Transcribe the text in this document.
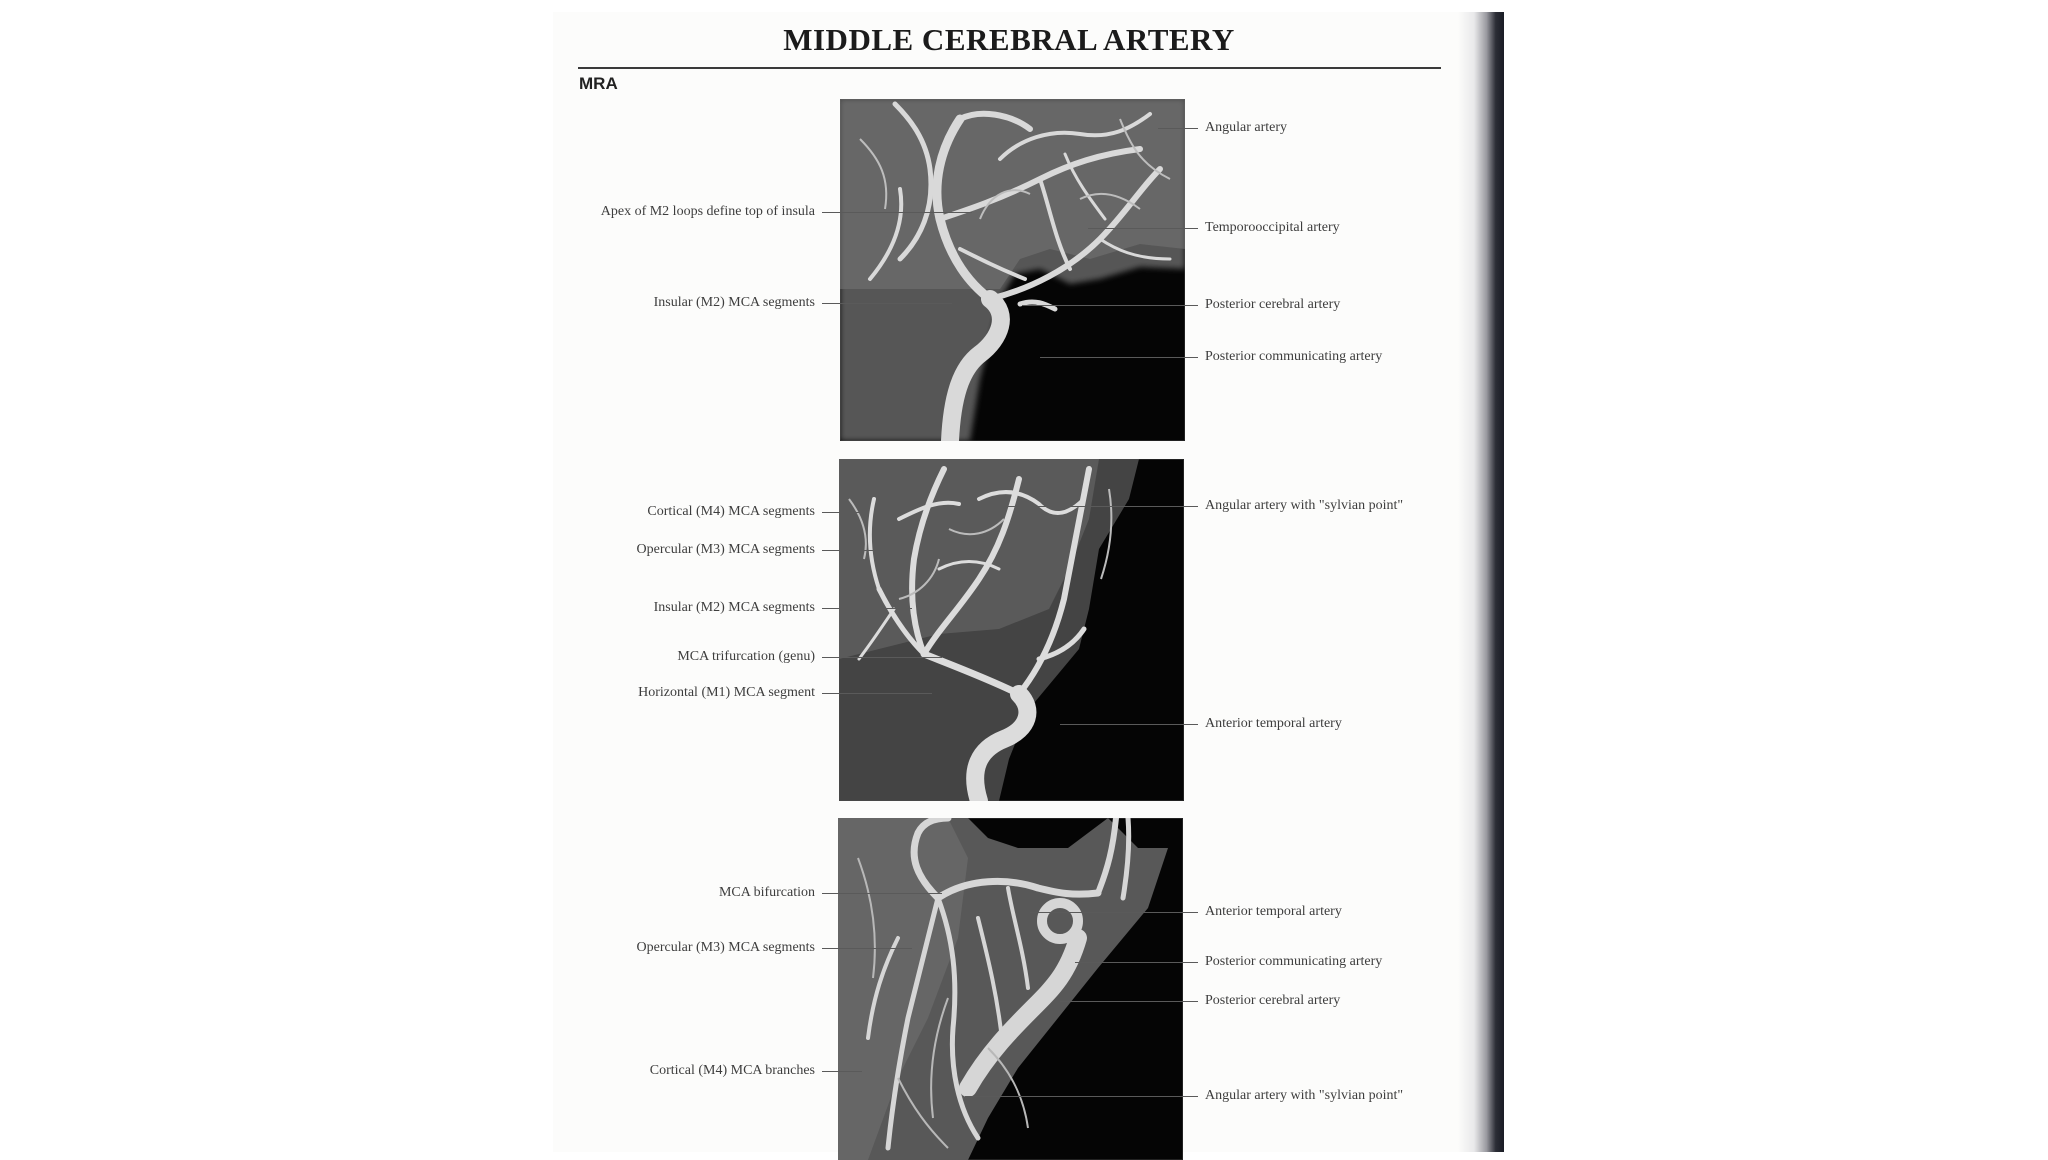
MIDDLE CEREBRAL ARTERY
MRA
Apex of M2 loops define top of insula
Insular (M2) MCA segments
Angular artery
Temporooccipital artery
Posterior cerebral artery
Posterior communicating artery
Cortical (M4) MCA segments
Opercular (M3) MCA segments
Insular (M2) MCA segments
MCA trifurcation (genu)
Horizontal (M1) MCA segment
Angular artery with "sylvian point"
Anterior temporal artery
MCA bifurcation
Opercular (M3) MCA segments
Cortical (M4) MCA branches
Anterior temporal artery
Posterior communicating artery
Posterior cerebral artery
Angular artery with "sylvian point"
